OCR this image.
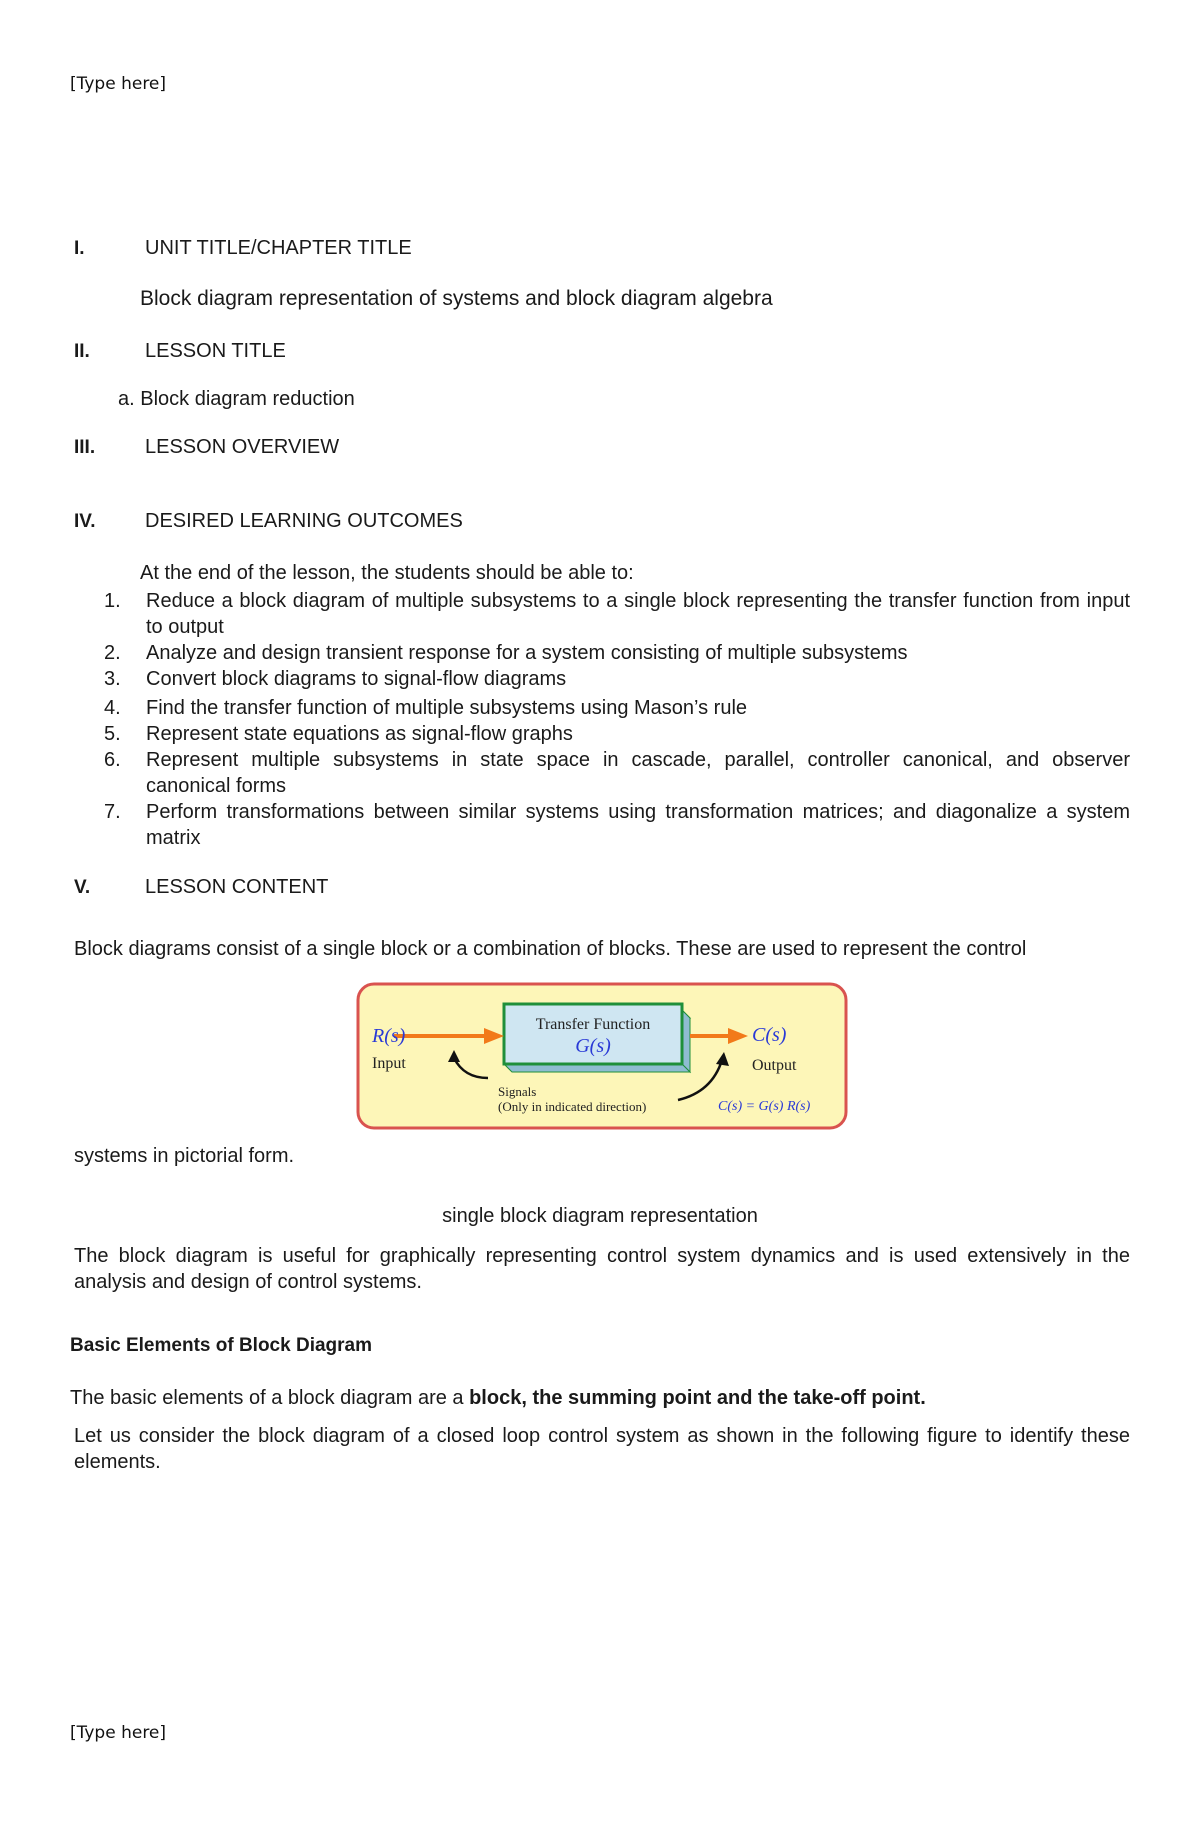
[Type here]
I.	UNIT TITLE/CHAPTER TITLE
Block diagram representation of systems and block diagram algebra
II.	LESSON TITLE
a. Block diagram reduction
III.	LESSON OVERVIEW
IV.	DESIRED LEARNING OUTCOMES
At the end of the lesson, the students should be able to:
1.	Reduce a block diagram of multiple subsystems to a single block representing the transfer function from input to output
2.	Analyze and design transient response for a system consisting of multiple subsystems
3.	Convert block diagrams to signal-flow diagrams
4.	Find the transfer function of multiple subsystems using Mason’s rule
5.	Represent state equations as signal-flow graphs
6.	Represent multiple subsystems in state space in cascade, parallel, controller canonical, and observer canonical forms
7.	Perform transformations between similar systems using transformation matrices; and diagonalize a system matrix
V.	LESSON CONTENT
Block diagrams consist of a single block or a combination of blocks. These are used to represent the control
Transfer Function
G(s)
R(s)
Input
C(s)
Output
Signals
(Only in indicated direction)	C(s) = G(s) R(s)
systems in pictorial form.
single block diagram representation
The block diagram is useful for graphically representing control system dynamics and is used extensively in the analysis and design of control systems.
Basic Elements of Block Diagram
The basic elements of a block diagram are a block, the summing point and the take-off point.
Let us consider the block diagram of a closed loop control system as shown in the following figure to identify these elements.
[Type here]
